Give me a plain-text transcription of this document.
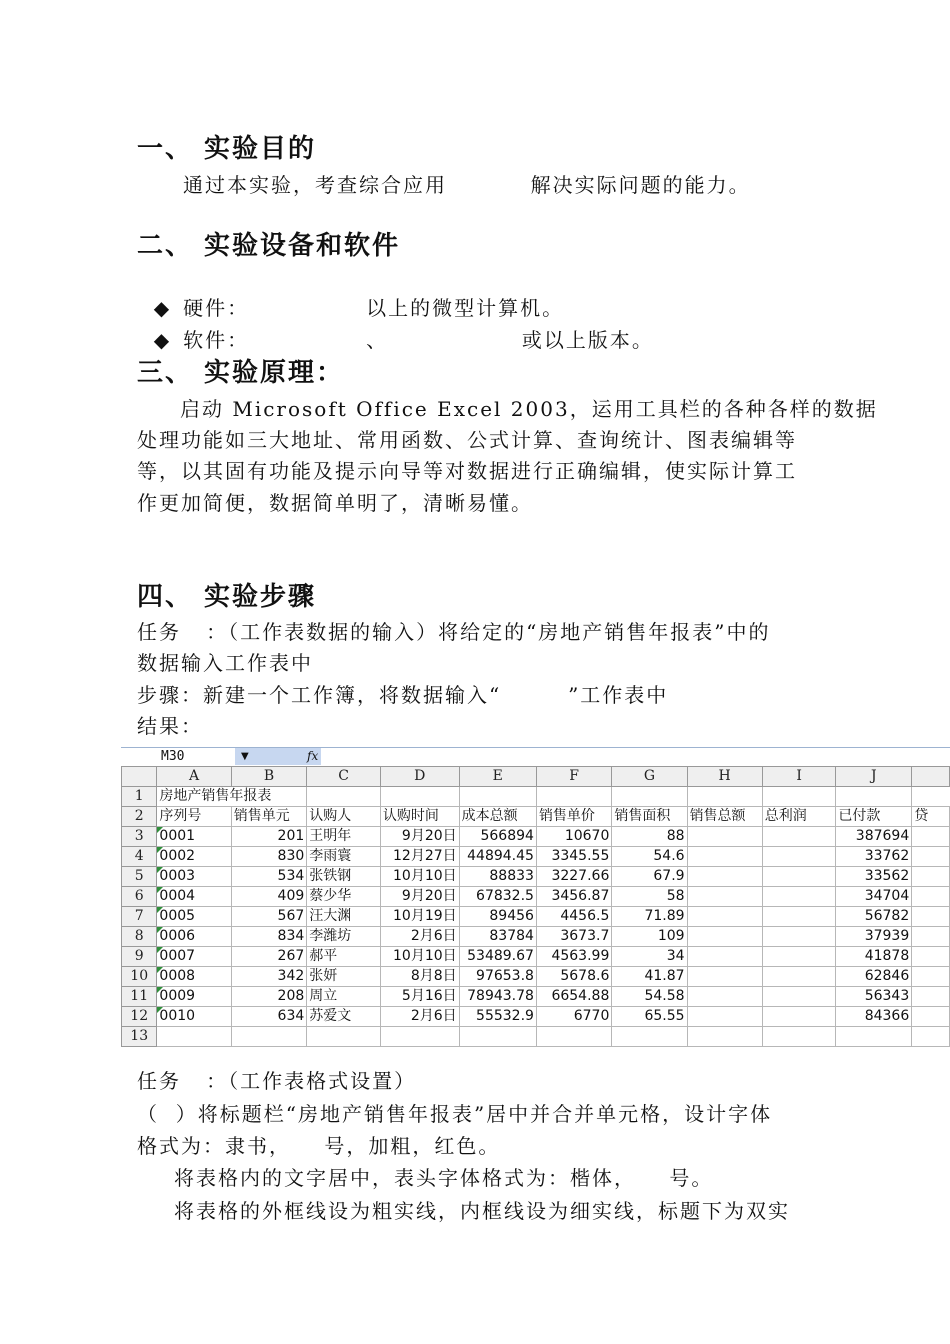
一、 实验目的
通过本实验，考查综合应用          解决实际问题的能力。
二、 实验设备和软件

◆ 硬件：              以上的微型计算机。

◆ 软件：              、                或以上版本。

三、 实验原理：
启动 Microsoft Office Excel 2003，运用工具栏的各种各样的数据
处理功能如三大地址、常用函数、公式计算、查询统计、图表编辑等
等，以其固有功能及提示向导等对数据进行正确编辑，使实际计算工
作更加简便，数据简单明了，清晰易懂。
四、 实验步骤
任务   ：（工作表数据的输入）将给定的“房地产销售年报表”中的
数据输入工作表中
步骤：新建一个工作簿，将数据输入“        ”工作表中
结果：
M30	▼	fx
	A	B	C	D	E	F	G	H	I	J	
1	房地产销售年报表										
2	序列号	销售单元	认购人	认购时间	成本总额	销售单价	销售面积	销售总额	总利润	已付款	贷
3	0001	201	王明年	9月20日	566894	10670	88			387694	
4	0002	830	李雨寰	12月27日	44894.45	3345.55	54.6			33762	
5	0003	534	张铁钢	10月10日	88833	3227.66	67.9			33562	
6	0004	409	蔡少华	9月20日	67832.5	3456.87	58			34704	
7	0005	567	汪大渊	10月19日	89456	4456.5	71.89			56782	
8	0006	834	李潍坊	2月6日	83784	3673.7	109			37939	
9	0007	267	郝平	10月10日	53489.67	4563.99	34			41878	
10	0008	342	张妍	8月8日	97653.8	5678.6	41.87			62846	
11	0009	208	周立	5月16日	78943.78	6654.88	54.58			56343	
12	0010	634	苏爱文	2月6日	55532.9	6770	65.55			84366	
13											
任务   ：（工作表格式设置）
（  ）将标题栏“房地产销售年报表”居中并合并单元格，设计字体
格式为：隶书，    号，加粗，红色。
将表格内的文字居中，表头字体格式为：楷体，    号。
将表格的外框线设为粗实线，内框线设为细实线，标题下为双实
